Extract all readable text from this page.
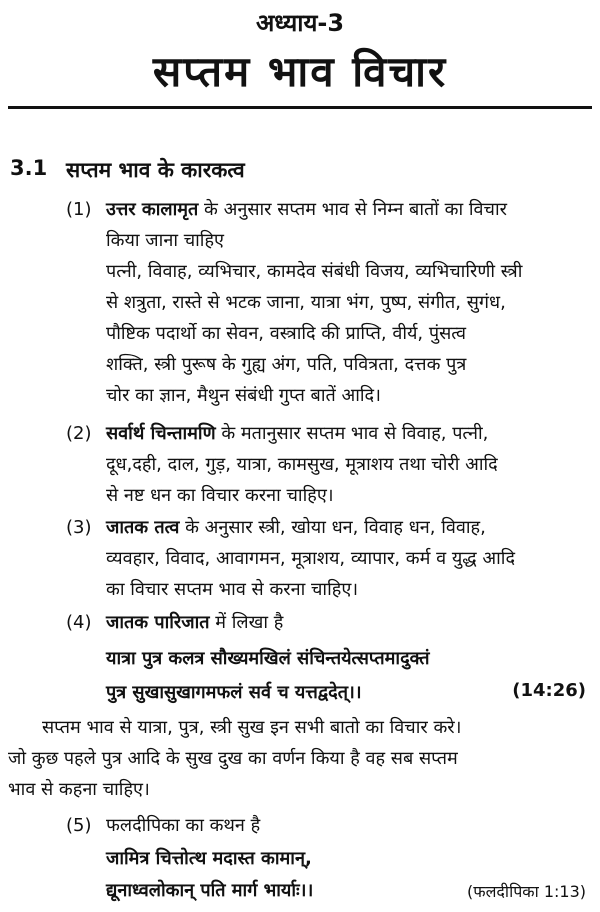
अध्याय-3
सप्तम भाव विचार
3.1 सप्तम भाव के कारकत्व
(1) उत्तर कालामृत के अनुसार सप्तम भाव से निम्न बातों का विचार
किया जाना चाहिए
पत्नी, विवाह, व्यभिचार, कामदेव संबंधी विजय, व्यभिचारिणी स्त्री
से शत्रुता, रास्ते से भटक जाना, यात्रा भंग, पुष्प, संगीत, सुगंध,
पौष्टिक पदार्थो का सेवन, वस्त्रादि की प्राप्ति, वीर्य, पुंसत्व
शक्ति, स्त्री पुरूष के गुह्य अंग, पति, पवित्रता, दत्तक पुत्र
चोर का ज्ञान, मैथुन संबंधी गुप्त बातें आदि।
(2) सर्वार्थ चिन्तामणि के मतानुसार सप्तम भाव से विवाह, पत्नी,
दूध,दही, दाल, गुड़, यात्रा, कामसुख, मूत्राशय तथा चोरी आदि
से नष्ट धन का विचार करना चाहिए।
(3) जातक तत्व के अनुसार स्त्री, खोया धन, विवाह धन, विवाह,
व्यवहार, विवाद, आवागमन, मूत्राशय, व्यापार, कर्म व युद्ध आदि
का विचार सप्तम भाव से करना चाहिए।
(4) जातक पारिजात में लिखा है
यात्रा पुत्र कलत्र सौख्यमखिलं संचिन्तयेत्सप्तमादुक्तं
पुत्र सुखासुखागमफलं सर्व च यत्तद्वदेत्।।	(14:26)
सप्तम भाव से यात्रा, पुत्र, स्त्री सुख इन सभी बातो का विचार करे।
जो कुछ पहले पुत्र आदि के सुख दुख का वर्णन किया है वह सब सप्तम
भाव से कहना चाहिए।
(5) फलदीपिका का कथन है
जामित्र चित्तोत्थ मदास्त कामान्,
द्यूनाध्वलोकान् पति मार्ग भार्याः।।	(फलदीपिका 1:13)
